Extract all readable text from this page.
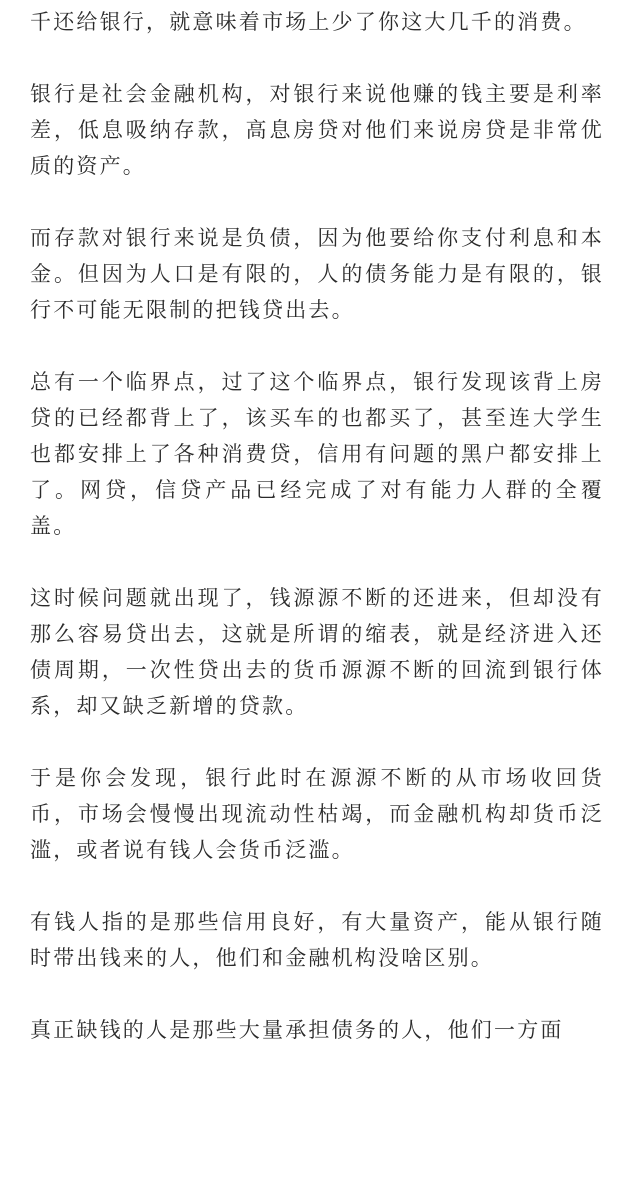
千还给银行，就意味着市场上少了你这大几千的消费。

银行是社会金融机构，对银行来说他赚的钱主要是利率差，低息吸纳存款，高息房贷对他们来说房贷是非常优质的资产。

而存款对银行来说是负债，因为他要给你支付利息和本金。但因为人口是有限的，人的债务能力是有限的，银行不可能无限制的把钱贷出去。

总有一个临界点，过了这个临界点，银行发现该背上房贷的已经都背上了，该买车的也都买了，甚至连大学生也都安排上了各种消费贷，信用有问题的黑户都安排上了。网贷，信贷产品已经完成了对有能力人群的全覆盖。

这时候问题就出现了，钱源源不断的还进来，但却没有那么容易贷出去，这就是所谓的缩表，就是经济进入还债周期，一次性贷出去的货币源源不断的回流到银行体系，却又缺乏新增的贷款。

于是你会发现，银行此时在源源不断的从市场收回货币，市场会慢慢出现流动性枯竭，而金融机构却货币泛滥，或者说有钱人会货币泛滥。

有钱人指的是那些信用良好，有大量资产，能从银行随时带出钱来的人，他们和金融机构没啥区别。

真正缺钱的人是那些大量承担债务的人，他们一方面
